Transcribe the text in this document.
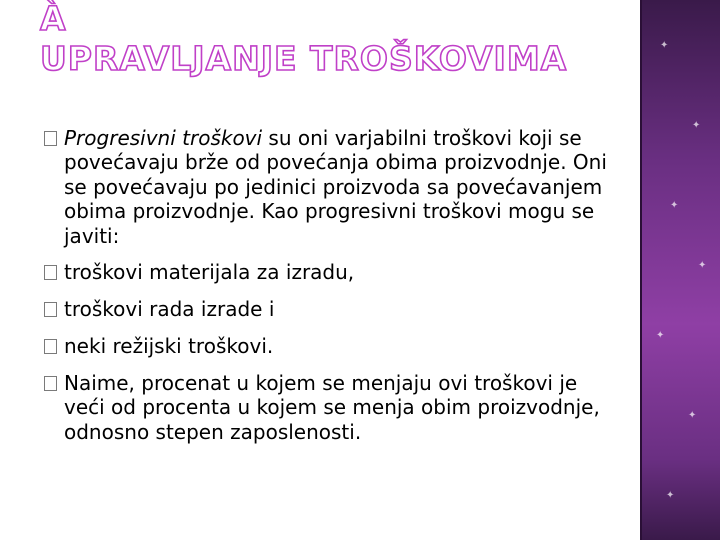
À
UPRAVLJANJE TROŠKOVIMA
Progresivni troškovi su oni varjabilni troškovi koji se povećavaju brže od povećanja obima proizvodnje. Oni se povećavaju po jedinici proizvoda sa povećavanjem obima proizvodnje. Kao progresivni troškovi mogu se javiti:
troškovi materijala za izradu,
troškovi rada izrade i
neki režijski troškovi.
Naime, procenat u kojem se menjaju ovi troškovi je veći od procenta u kojem se menja obim proizvodnje, odnosno stepen zaposlenosti.
✦
✦
✦
✦
✦
✦
✦
